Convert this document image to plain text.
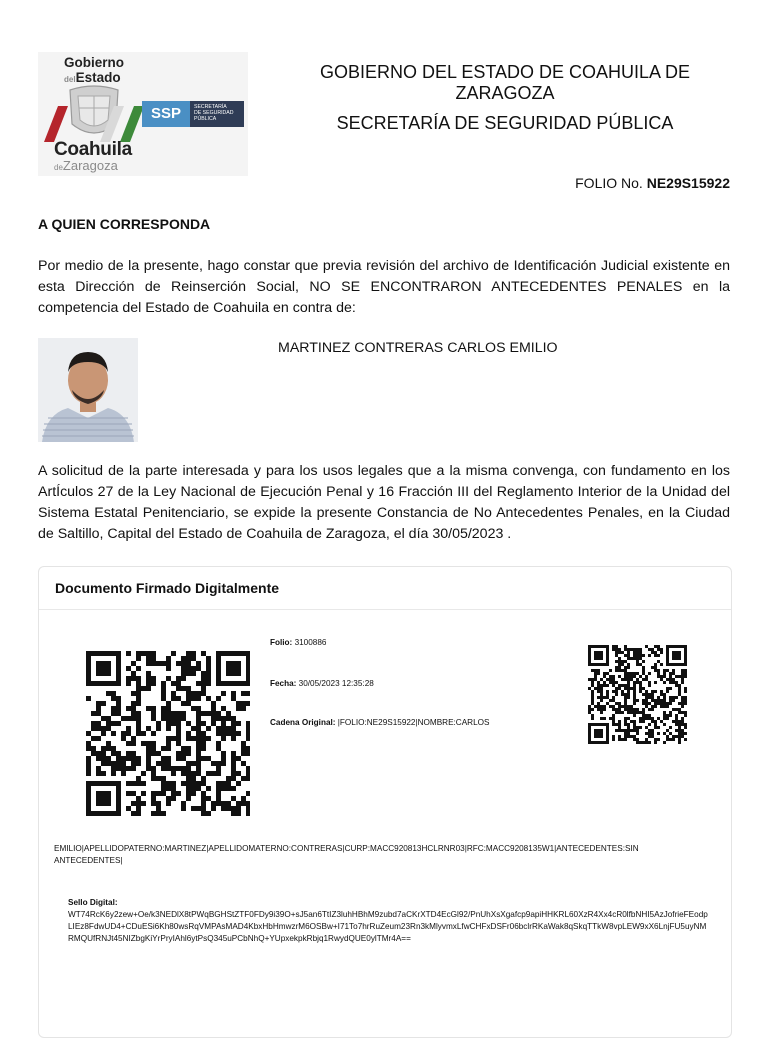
Gobierno
delEstado
SSP	SECRETARÍA
DE SEGURIDAD
PÚBLICA
Coahuila
deZaragoza
GOBIERNO DEL ESTADO DE COAHUILA DE ZARAGOZA
SECRETARÍA DE SEGURIDAD PÚBLICA
FOLIO No. NE29S15922
A QUIEN CORRESPONDA
Por medio de la presente, hago constar que previa revisión del archivo de Identificación Judicial existente en esta Dirección de Reinserción Social, NO SE ENCONTRARON ANTECEDENTES PENALES en la competencia del Estado de Coahuila en contra de:
MARTINEZ CONTRERAS CARLOS EMILIO
A solicitud de la parte interesada y para los usos legales que a la misma convenga, con fundamento en los ArtÍculos 27 de la Ley Nacional de Ejecución Penal y 16 Fracción III del Reglamento Interior de la Unidad del Sistema Estatal Penitenciario, se expide la presente Constancia de No Antecedentes Penales, en la Ciudad de Saltillo, Capital del Estado de Coahuila de Zaragoza, el día 30/05/2023 .
Documento Firmado Digitalmente
Folio: 3100886
Fecha: 30/05/2023 12:35:28
Cadena Original: |FOLIO:NE29S15922|NOMBRE:CARLOS
EMILIO|APELLIDOPATERNO:MARTINEZ|APELLIDOMATERNO:CONTRERAS|CURP:MACC920813HCLRNR03|RFC:MACC9208135W1|ANTECEDENTES:SIN ANTECEDENTES|
Sello Digital:
WT74RcK6y2zew+Oe/k3NEDlX8tPWqBGHStZTF0FDy9i39O+sJ5an6TtIZ3luhHBhM9zubd7aCKrXTD4EcGl92/PnUhXsXgafcp9apiHHKRL60XzR4Xx4cR0lfbNHI5AzJofrieFEodpLIEz8FdwUD4+CDuESi6Kh80wsRqVMPAsMAD4KbxHbHmwzrM6OSBw+I71To7hrRuZeum23Rn3kMlyvmxLfwCHFxDSFr06bclrRKaWak8qSkqTTkW8vpLEW9xX6LnjFU5uyNMRMQUfRNJt45NIZbgKiYrPryIAhl6ytPsQ345uPCbNhQ+YUpxekpkRbjq1RwydQUE0ylTMr4A==
